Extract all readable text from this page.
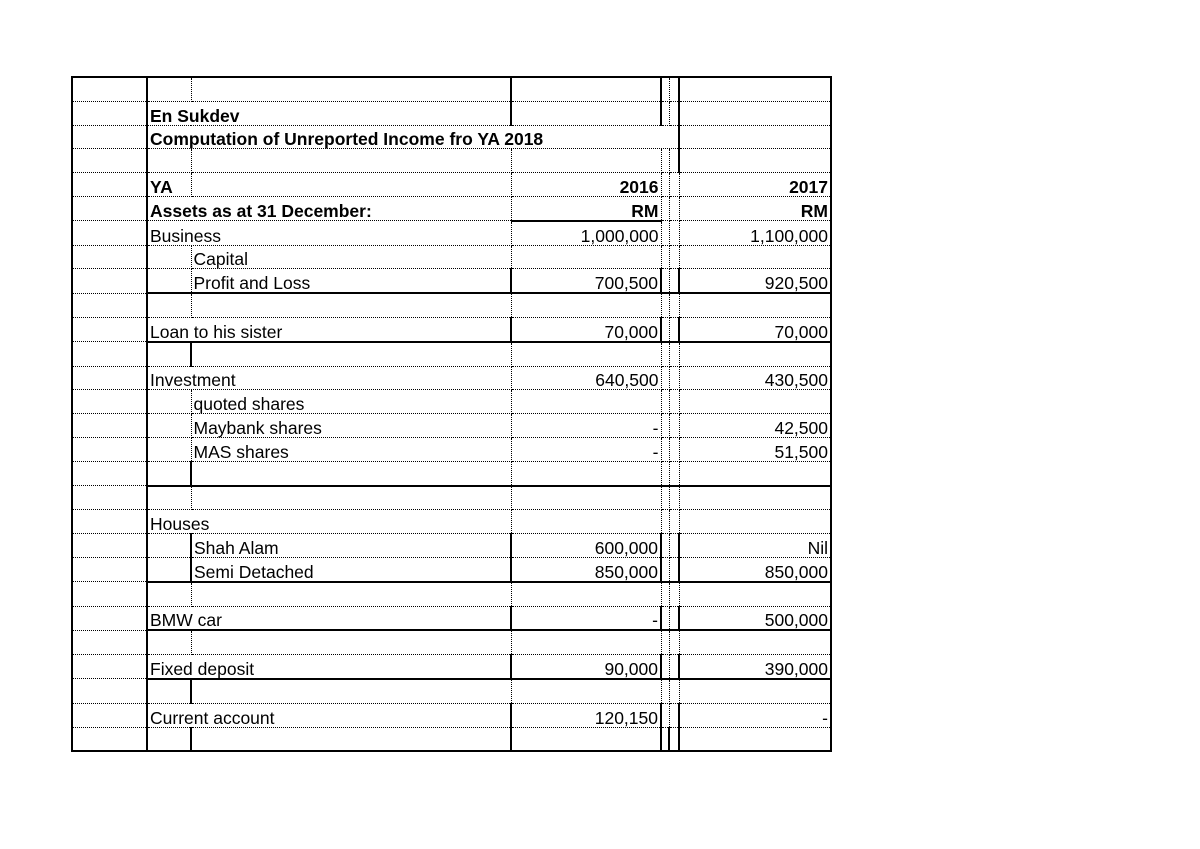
	En Sukdev					
	Computation of Unreported Income fro YA 2018					

	YA		2016			2017
	Assets as at 31 December:		RM			RM
	Business		1,000,000			1,100,000
		Capital				
		Profit and Loss	700,500			920,500

	Loan to his sister		70,000			70,000

	Investment		640,500			430,500
		quoted shares				
		Maybank shares	-			42,500
		MAS shares	-			51,500

	Houses					
		Shah Alam	600,000			Nil
		Semi Detached	850,000			850,000

	BMW car		-			500,000

	Fixed deposit		90,000			390,000

	Current account		120,150			-
